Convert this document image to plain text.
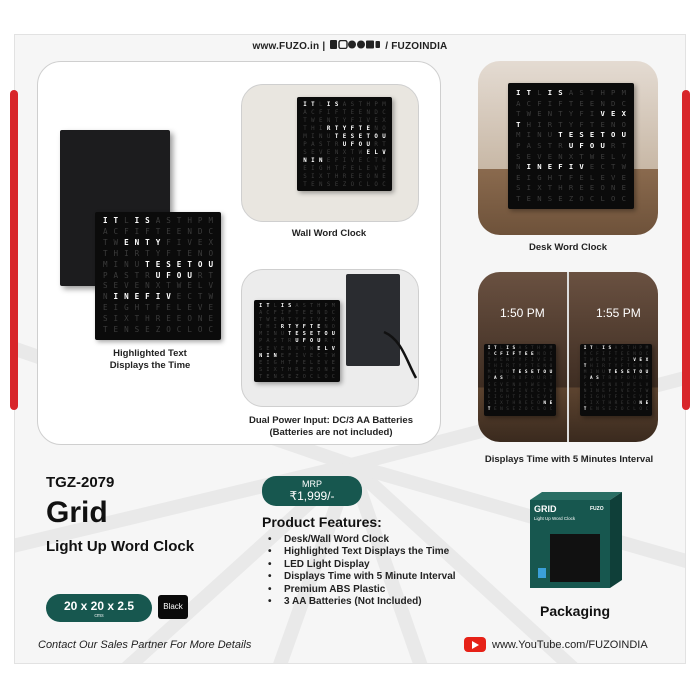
www.FUZO.in |	/ FUZOINDIA
I T L I S A S T H P M
A C F I F T E E N D C
T W E N T Y F I V E X
T H I R T Y F T E N O
M I N U T E S E T O U
P A S T R U F O U R T
S E V E N X T W E L V
N I N E F I V E C T W
E I G H T F E L E V E
S I X T H R E E O N E
T E N S E Z O C L O C
Highlighted Text
Displays the Time
I T L I S A S T H P M
A C F I F T E E N D C
T W E N T Y F I V E X
T H I R T Y F T E N O
M I N U T E S E T O U
P A S T R U F O U R T
S E V E N X T W E L V
N I N E F I V E C T W
E I G H T F E L E V E
S I X T H R E E O N E
T E N S E Z O C L O C
Wall Word Clock
I T L I S A S T H P M
A C F I F T E E N D C
T W E N T Y F I V E X
T H I R T Y F T E N O
M I N U T E S E T O U
P A S T R U F O U R T
S E V E N X T W E L V
N I N E F I V E C T W
E I G H T F E L E V E
S I X T H R E E O N E
T E N S E Z O C L O C
Dual Power Input: DC/3 AA Batteries
(Batteries are not included)
I T L I S A S T H P M
A C F I F T E E N D C
T W E N T Y F I V E X
T H I R T Y F T E N O
M I N U T E S E T O U
P A S T R U F O U R T
S E V E N X T W E L V
N I N E F I V E C T W
E I G H T F E L E V E
S I X T H R E E O N E
T E N S E Z O C L O C
Desk Word Clock
1:50 PM	1:55 PM
I T L I S A S T H P M
A C F I F T E E N D C
T W E N T Y F I V E X
T H I R T Y F T E N O
M I N U T E S E T O U
P A S T R U F O U R T
S E V E N X T W E L V
N I N E F I V E C T W
E I G H T F E L E V E
S I X T H R E E O N E
T E N S E Z O C L O C
I T L I S A S T H P M
A C F I F T E E N D C
T W E N T Y F I V E X
T H I R T Y F T E N O
M I N U T E S E T O U
P A S T R U F O U R T
S E V E N X T W E L V
N I N E F I V E C T W
E I G H T F E L E V E
S I X T H R E E O N E
T E N S E Z O C L O C
Displays Time with 5 Minutes Interval
TGZ-2079
Grid
Light Up Word Clock
20 x 20 x 2.5
cms
Black
MRP
₹1,999/-
Product Features:
• Desk/Wall Word Clock
• Highlighted Text Displays the Time
• LED Light Display
• Displays Time with 5 Minute Interval
• Premium ABS Plastic
• 3 AA Batteries (Not Included)
GRID
Light Up Word Clock
FUZO
Packaging
Contact Our Sales Partner For More Details	www.YouTube.com/FUZOINDIA
